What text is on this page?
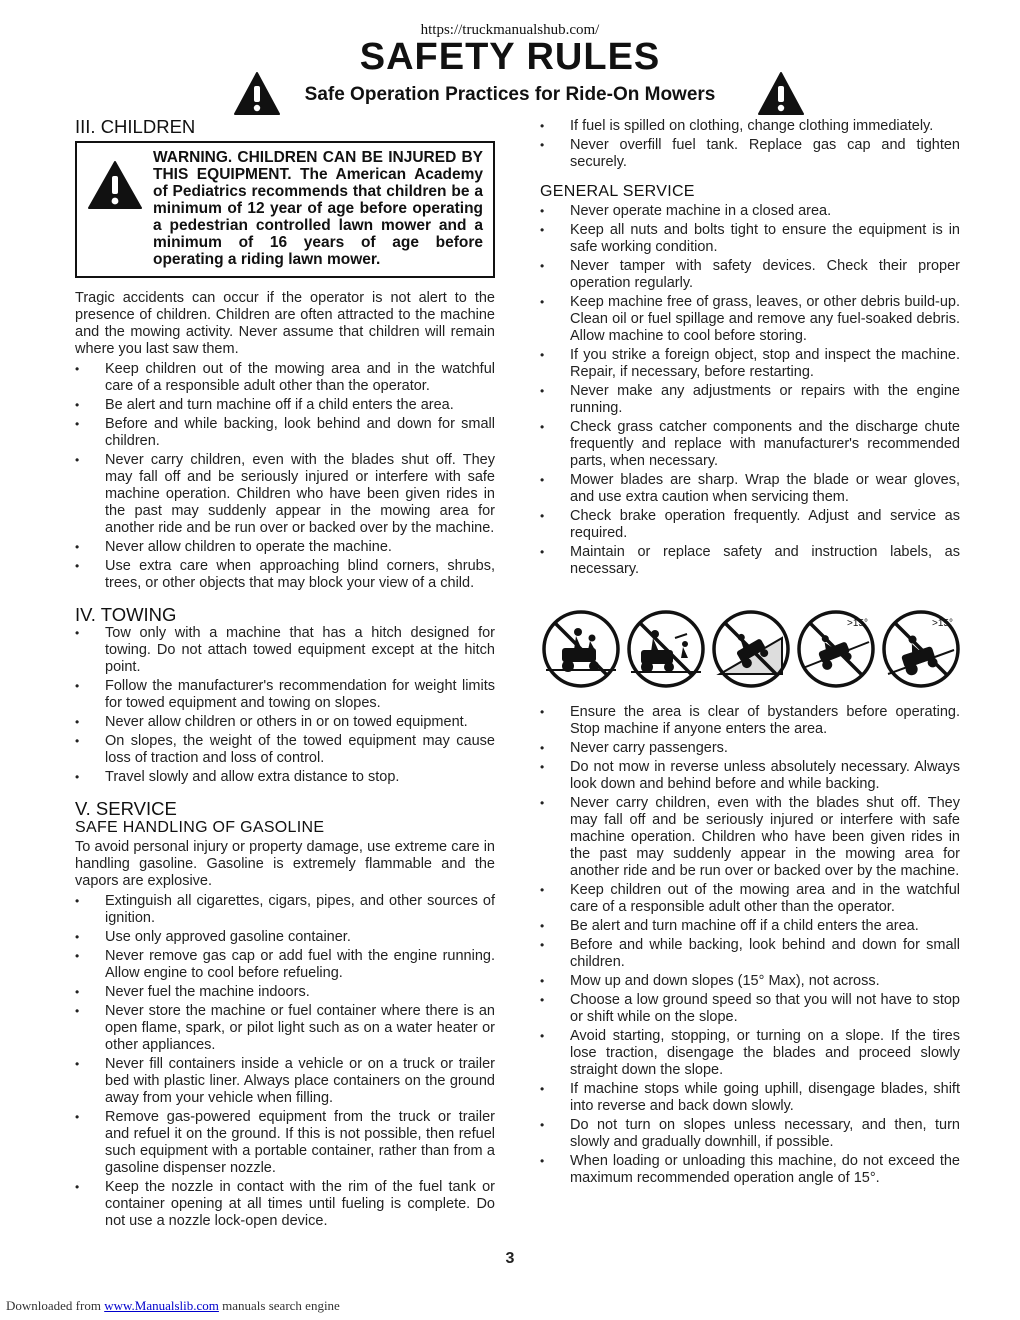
https://truckmanualshub.com/
SAFETY RULES
Safe Operation Practices for Ride-On Mowers
III. CHILDREN
WARNING. CHILDREN CAN BE INJURED BY THIS EQUIPMENT. The American Academy of Pediatrics recommends that children be a minimum of 12 year of age before operating a pedestrian controlled lawn mower and a minimum of 16 years of age before operating a riding lawn mower.

Tragic accidents can occur if the operator is not alert to the presence of children. Children are often attracted to the machine and the mowing activity. Never assume that children will remain where you last saw them.

• Keep children out of the mowing area and in the watchful care of a responsible adult other than the operator.
• Be alert and turn machine off if a child enters the area.
• Before and while backing, look behind and down for small children.
• Never carry children, even with the blades shut off. They may fall off and be seriously injured or interfere with safe machine operation. Children who have been given rides in the past may suddenly appear in the mowing area for another ride and be run over or backed over by the machine.
• Never allow children to operate the machine.
• Use extra care when approaching blind corners, shrubs, trees, or other objects that may block your view of a child.
IV. TOWING
• Tow only with a machine that has a hitch designed for towing. Do not attach towed equipment except at the hitch point.
• Follow the manufacturer's recommendation for weight limits for towed equipment and towing on slopes.
• Never allow children or others in or on towed equipment.
• On slopes, the weight of the towed equipment may cause loss of traction and loss of control.
• Travel slowly and allow extra distance to stop.
V. SERVICE
SAFE HANDLING OF GASOLINE

To avoid personal injury or property damage, use extreme care in handling gasoline. Gasoline is extremely flammable and the vapors are explosive.

• Extinguish all cigarettes, cigars, pipes, and other sources of ignition.
• Use only approved gasoline container.
• Never remove gas cap or add fuel with the engine running. Allow engine to cool before refueling.
• Never fuel the machine indoors.
• Never store the machine or fuel container where there is an open flame, spark, or pilot light such as on a water heater or other appliances.
• Never fill containers inside a vehicle or on a truck or trailer bed with plastic liner. Always place containers on the ground away from your vehicle when filling.
• Remove gas-powered equipment from the truck or trailer and refuel it on the ground. If this is not possible, then refuel such equipment with a portable container, rather than from a gasoline dispenser nozzle.
• Keep the nozzle in contact with the rim of the fuel tank or container opening at all times until fueling is complete. Do not use a nozzle lock-open device.
• If fuel is spilled on clothing, change clothing immediately.
• Never overfill fuel tank. Replace gas cap and tighten securely.
GENERAL SERVICE
• Never operate machine in a closed area.
• Keep all nuts and bolts tight to ensure the equipment is in safe working condition.
• Never tamper with safety devices. Check their proper operation regularly.
• Keep machine free of grass, leaves, or other debris build-up. Clean oil or fuel spillage and remove any fuel-soaked debris. Allow machine to cool before storing.
• If you strike a foreign object, stop and inspect the machine. Repair, if necessary, before restarting.
• Never make any adjustments or repairs with the engine running.
• Check grass catcher components and the discharge chute frequently and replace with manufacturer's recommended parts, when necessary.
• Mower blades are sharp. Wrap the blade or wear gloves, and use extra caution when servicing them.
• Check brake operation frequently. Adjust and service as required.
• Maintain or replace safety and instruction labels, as necessary.
>15°	>15°
• Ensure the area is clear of bystanders before operating. Stop machine if anyone enters the area.
• Never carry passengers.
• Do not mow in reverse unless absolutely necessary. Always look down and behind before and while backing.
• Never carry children, even with the blades shut off. They may fall off and be seriously injured or interfere with safe machine operation. Children who have been given rides in the past may suddenly appear in the mowing area for another ride and be run over or backed over by the machine.
• Keep children out of the mowing area and in the watchful care of a responsible adult other than the operator.
• Be alert and turn machine off if a child enters the area.
• Before and while backing, look behind and down for small children.
• Mow up and down slopes (15° Max), not across.
• Choose a low ground speed so that you will not have to stop or shift while on the slope.
• Avoid starting, stopping, or turning on a slope. If the tires lose traction, disengage the blades and proceed slowly straight down the slope.
• If machine stops while going uphill, disengage blades, shift into reverse and back down slowly.
• Do not turn on slopes unless necessary, and then, turn slowly and gradually downhill, if possible.
• When loading or unloading this machine, do not exceed the maximum recommended operation angle of 15°.
3
Downloaded from www.Manualslib.com manuals search engine
